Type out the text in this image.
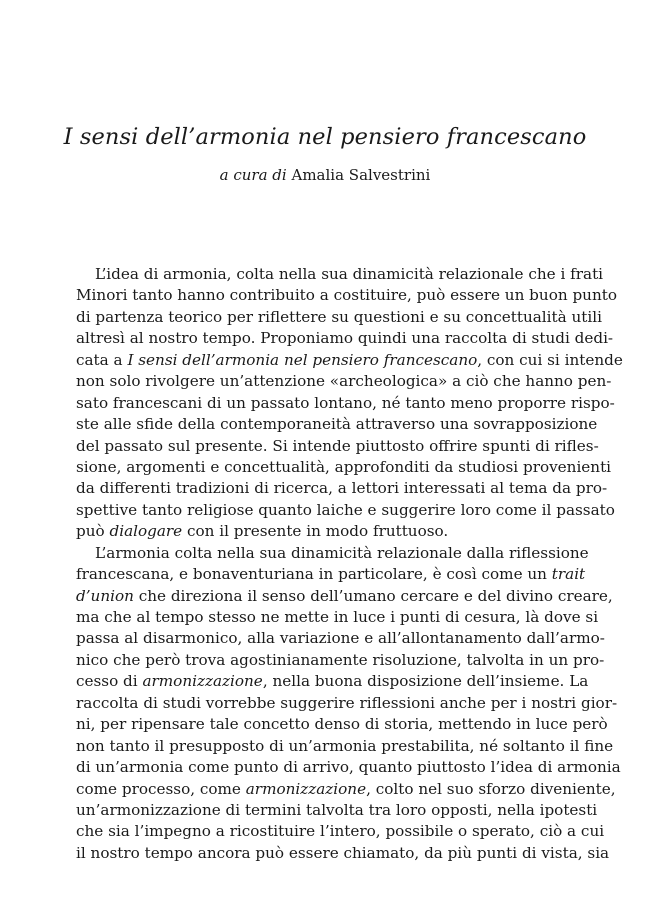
I sensi dell’armonia nel pensiero francescano
a cura di Amalia Salvestrini
L’idea di armonia, colta nella sua dinamicità relazionale che i frati
Minori tanto hanno contribuito a costituire, può essere un buon punto
di partenza teorico per riflettere su questioni e su concettualità utili
altresì al nostro tempo. Proponiamo quindi una raccolta di studi dedi-
cata a I sensi dell’armonia nel pensiero francescano, con cui si intende
non solo rivolgere un’attenzione «archeologica» a ciò che hanno pen-
sato francescani di un passato lontano, né tanto meno proporre rispo-
ste alle sfide della contemporaneità attraverso una sovrapposizione
del passato sul presente. Si intende piuttosto offrire spunti di rifles-
sione, argomenti e concettualità, approfonditi da studiosi provenienti
da differenti tradizioni di ricerca, a lettori interessati al tema da pro-
spettive tanto religiose quanto laiche e suggerire loro come il passato
può dialogare con il presente in modo fruttuoso.
L’armonia colta nella sua dinamicità relazionale dalla riflessione
francescana, e bonaventuriana in particolare, è così come un trait
d’union che direziona il senso dell’umano cercare e del divino creare,
ma che al tempo stesso ne mette in luce i punti di cesura, là dove si
passa al disarmonico, alla variazione e all’allontanamento dall’armo-
nico che però trova agostinianamente risoluzione, talvolta in un pro-
cesso di armonizzazione, nella buona disposizione dell’insieme. La
raccolta di studi vorrebbe suggerire riflessioni anche per i nostri gior-
ni, per ripensare tale concetto denso di storia, mettendo in luce però
non tanto il presupposto di un’armonia prestabilita, né soltanto il fine
di un’armonia come punto di arrivo, quanto piuttosto l’idea di armonia
come processo, come armonizzazione, colto nel suo sforzo diveniente,
un’armonizzazione di termini talvolta tra loro opposti, nella ipotesti
che sia l’impegno a ricostituire l’intero, possibile o sperato, ciò a cui
il nostro tempo ancora può essere chiamato, da più punti di vista, sia
